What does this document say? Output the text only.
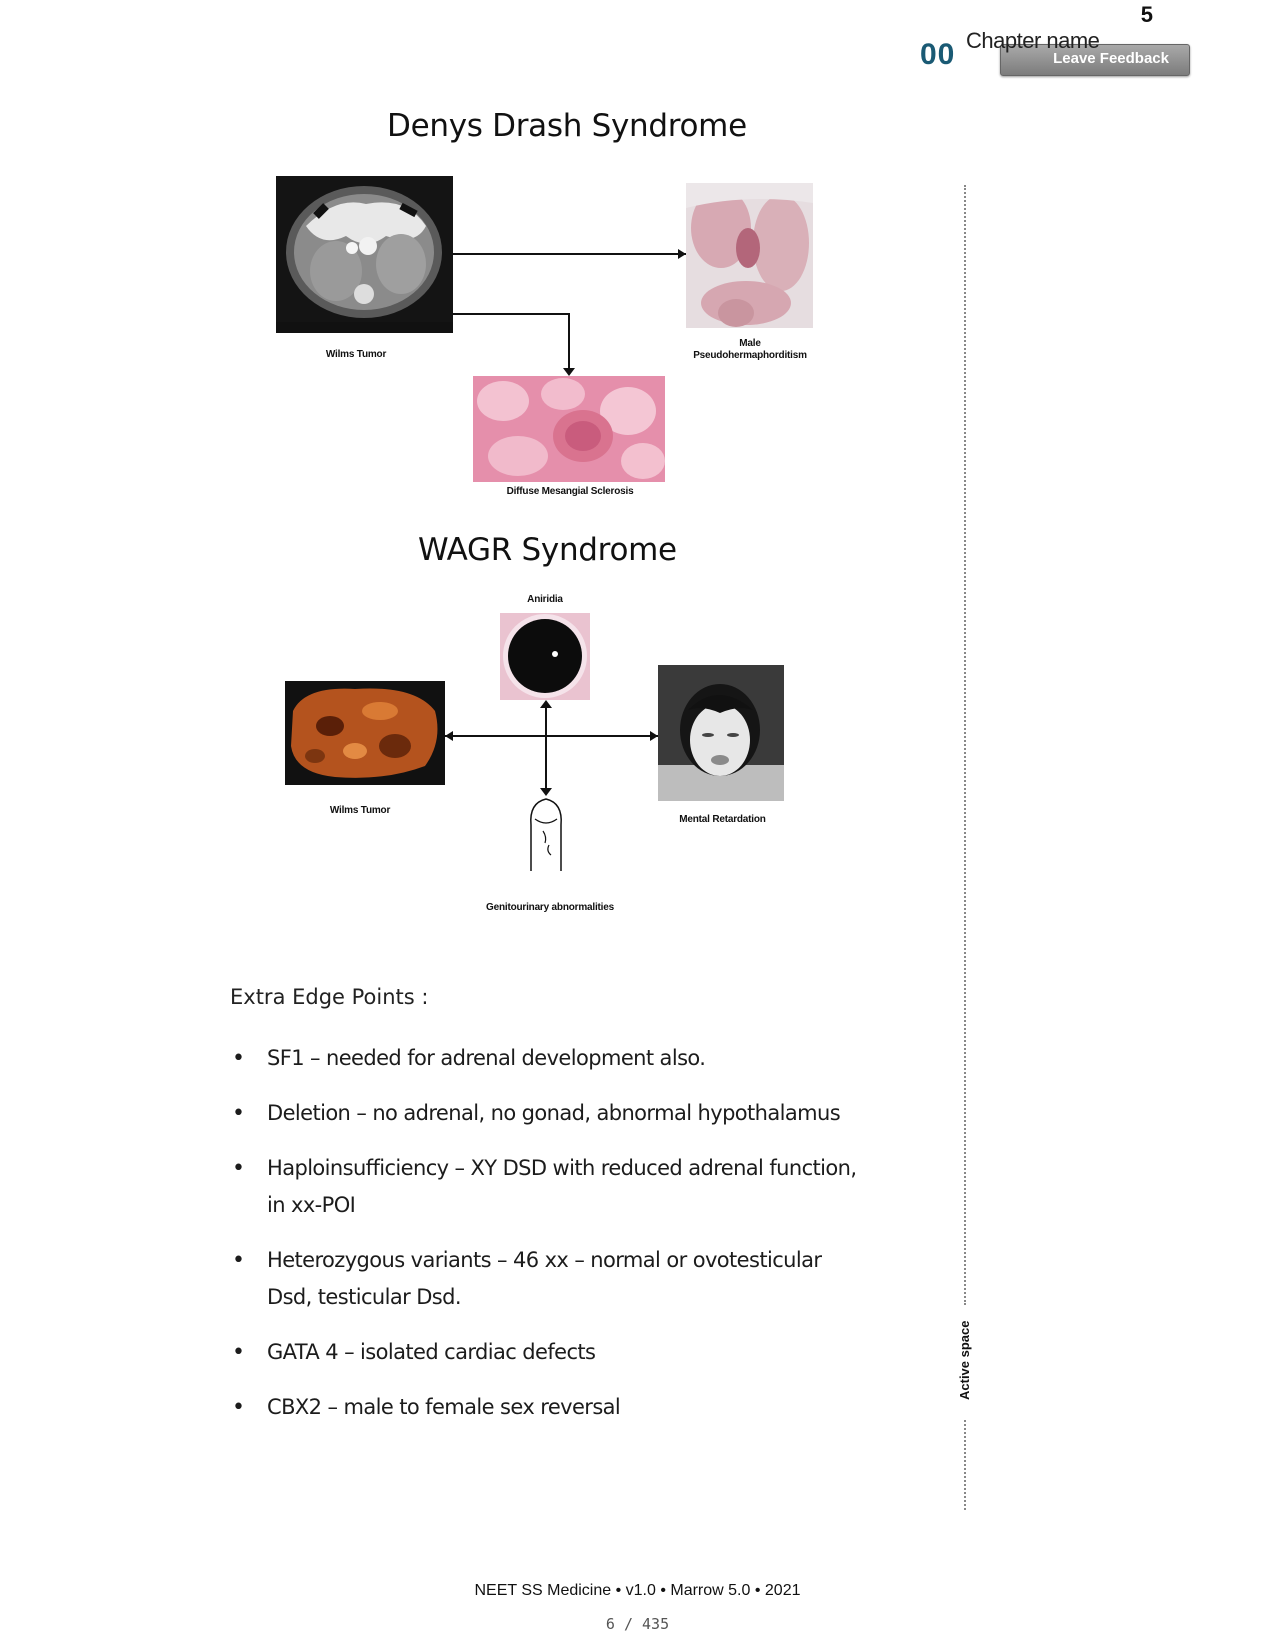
5
00	Leave Feedback
Chapter name
Denys Drash Syndrome
Wilms Tumor
Male
Pseudohermaphorditism
Diffuse Mesangial Sclerosis
WAGR Syndrome
Aniridia
Wilms Tumor
Mental Retardation
Genitourinary abnormalities
Extra Edge Points :
• SF1 – needed for adrenal development also.
• Deletion – no adrenal, no gonad, abnormal hypothalamus
• Haploinsufficiency – XY DSD with reduced adrenal function, in xx-POI
• Heterozygous variants – 46 xx – normal or ovotesticular Dsd, testicular Dsd.
• GATA 4 – isolated cardiac defects
• CBX2 – male to female sex reversal
Active space
NEET SS Medicine • v1.0 • Marrow 5.0 • 2021
6 / 435
